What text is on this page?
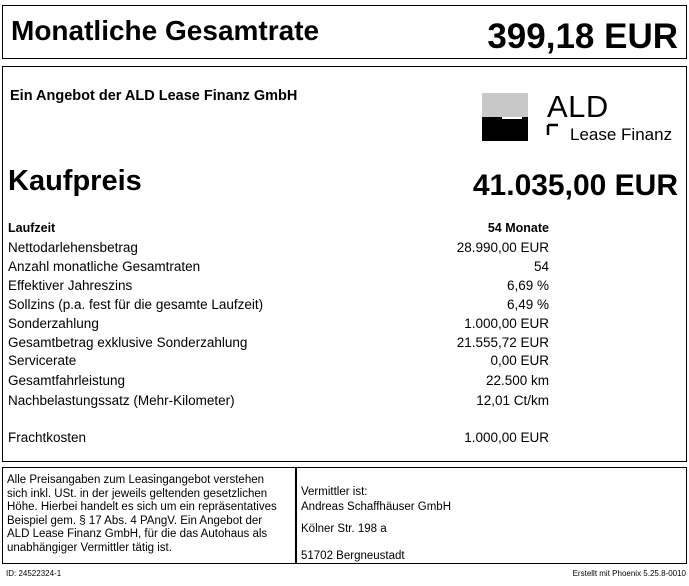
Monatliche Gesamtrate	399,18 EUR
Ein Angebot der ALD Lease Finanz GmbH	ALD
Lease Finanz
Kaufpreis	41.035,00 EUR
Laufzeit	54 Monate
Nettodarlehensbetrag	28.990,00 EUR
Anzahl monatliche Gesamtraten	54
Effektiver Jahreszins	6,69 %
Sollzins (p.a. fest für die gesamte Laufzeit)	6,49 %
Sonderzahlung	1.000,00 EUR
Gesamtbetrag exklusive Sonderzahlung	21.555,72 EUR
Servicerate	0,00 EUR
Gesamtfahrleistung	22.500 km
Nachbelastungssatz (Mehr-Kilometer)	12,01 Ct/km
Frachtkosten	1.000,00 EUR
Alle Preisangaben zum Leasingangebot verstehen sich inkl. USt. in der jeweils geltenden gesetzlichen Höhe. Hierbei handelt es sich um ein repräsentatives Beispiel gem. § 17 Abs. 4 PAngV. Ein Angebot der ALD Lease Finanz GmbH, für die das Autohaus als unabhängiger Vermittler tätig ist.
Vermittler ist:
Andreas Schaffhäuser GmbH
Kölner Str. 198 a
51702 Bergneustadt
ID: 24522324-1	Erstellt mit Phoenix 5.25.8-0010
